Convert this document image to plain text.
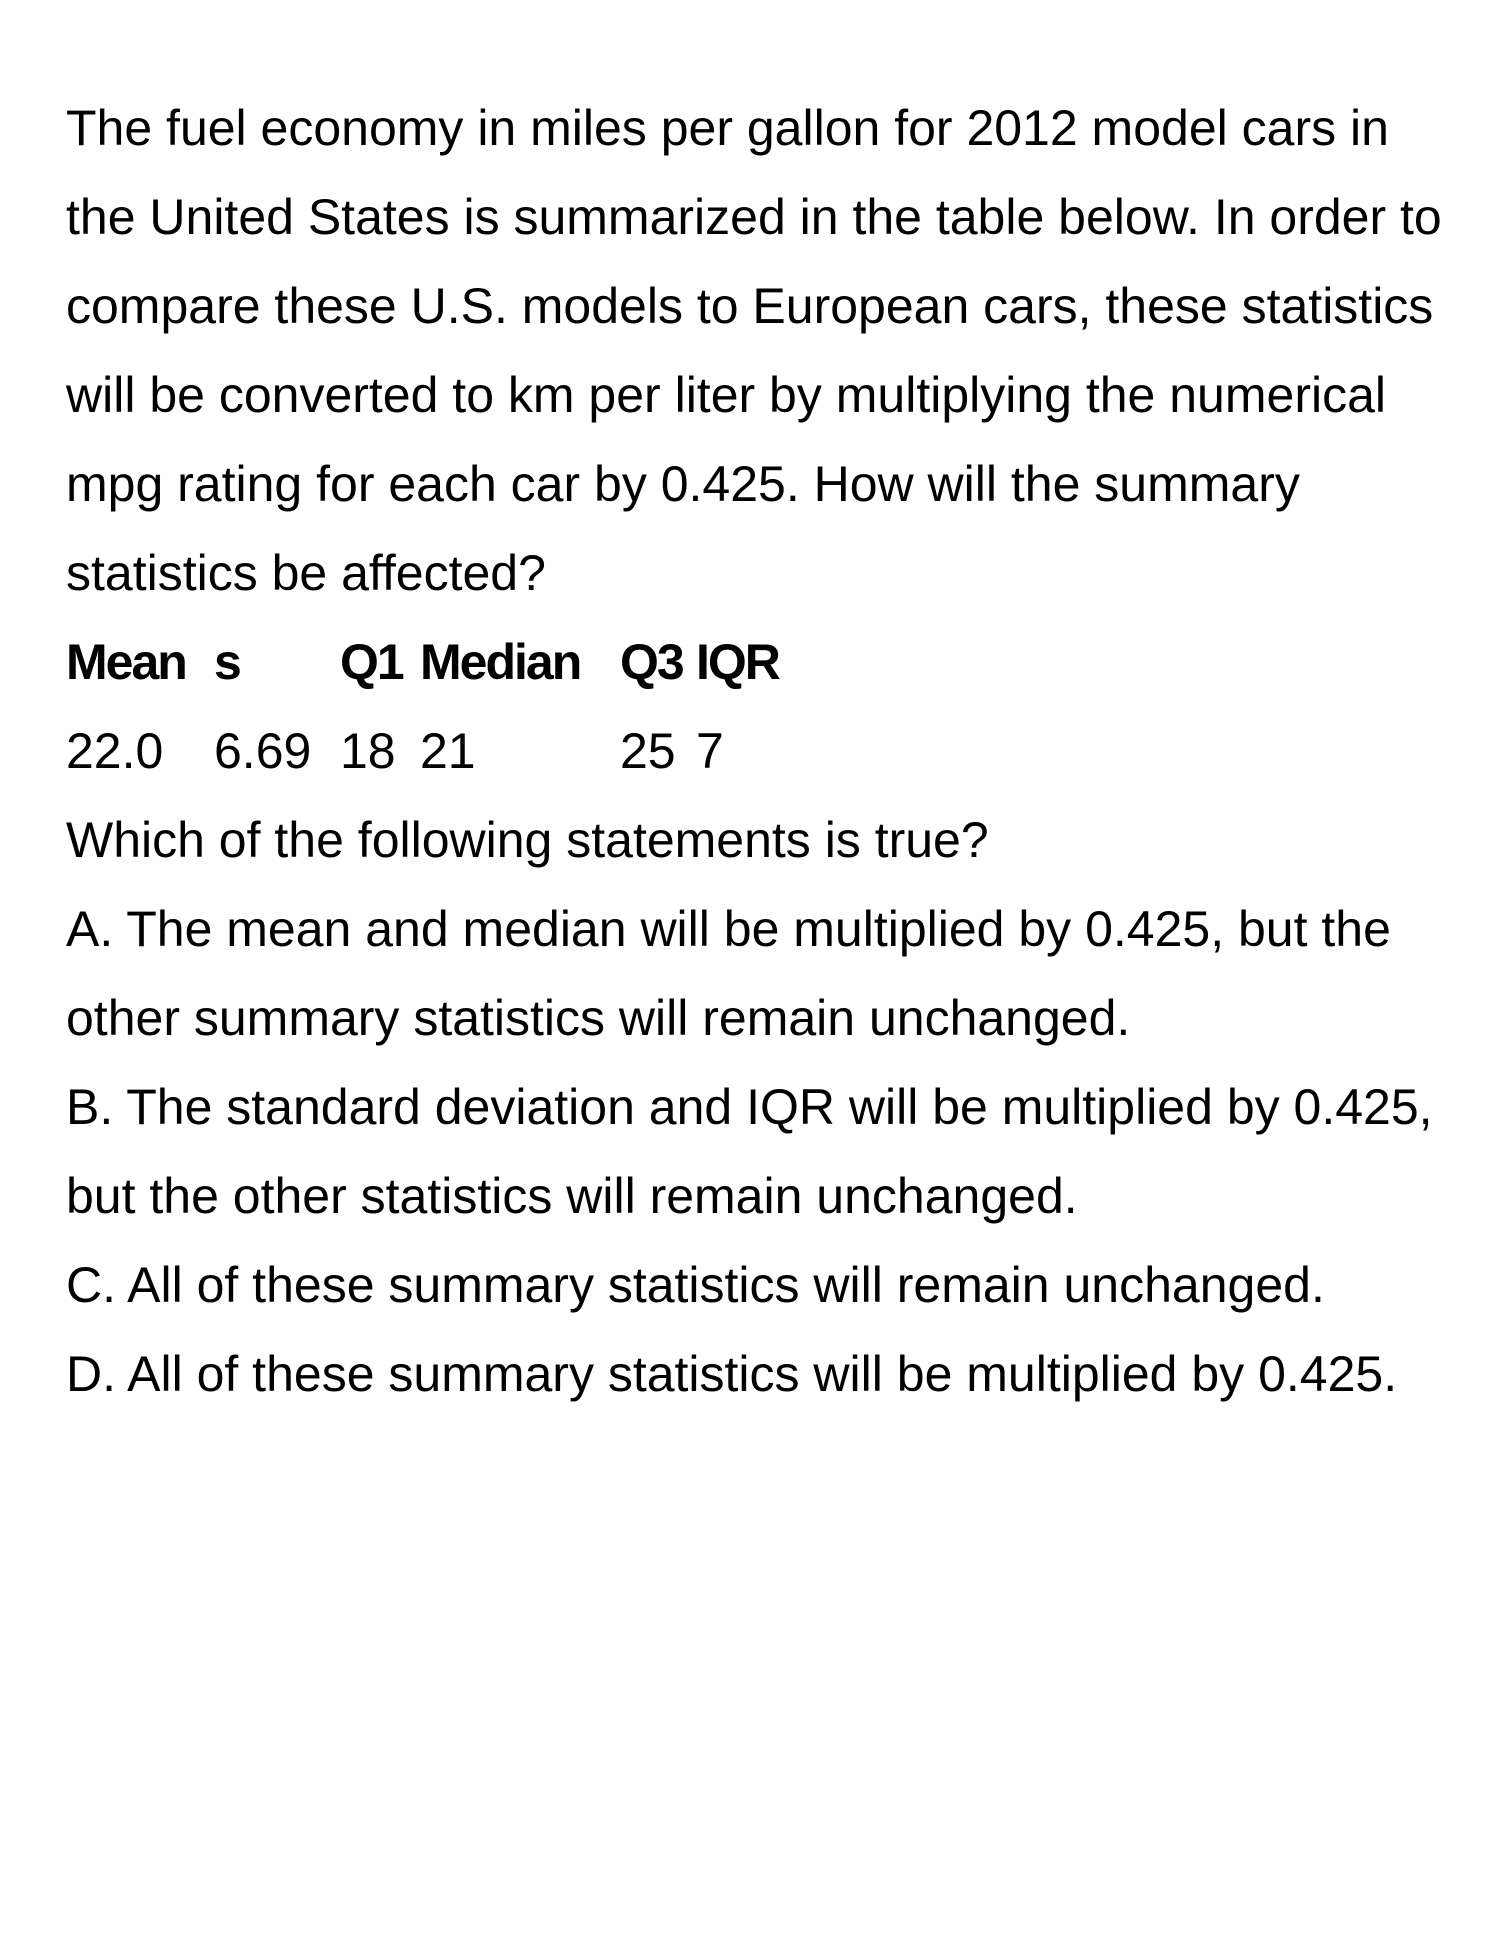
The fuel economy in miles per gallon for 2012 model cars in the United States is summarized in the table below. In order to compare these U.S. models to European cars, these statistics will be converted to km per liter by multiplying the numerical mpg rating for each car by 0.425. How will the summary statistics be affected?

Mean	s	Q1	Median	Q3	IQR
22.0	6.69	18	21	25	7

Which of the following statements is true?

A. The mean and median will be multiplied by 0.425, but the other summary statistics will remain unchanged.

B. The standard deviation and IQR will be multiplied by 0.425, but the other statistics will remain unchanged.

C. All of these summary statistics will remain unchanged.

D. All of these summary statistics will be multiplied by 0.425.
